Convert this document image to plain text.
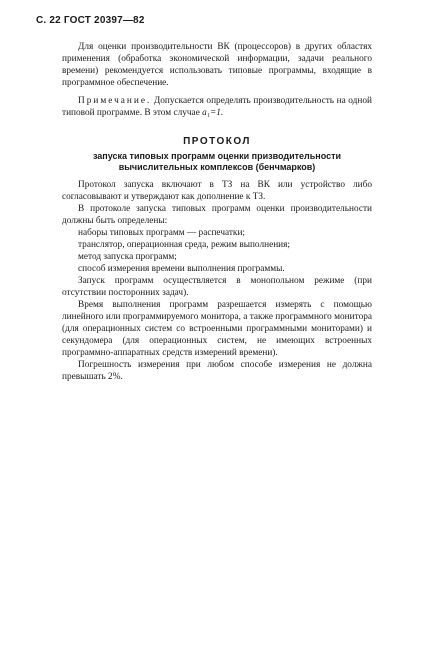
С. 22 ГОСТ 20397—82

Для оценки производительности ВК (процессоров) в других областях применения (обработка экономической информации, задачи реального времени) рекомендуется использовать типовые программы, входящие в программное обеспечение.

Примечание. Допускается определять производительность на одной типовой программе. В этом случае a₁=1.

ПРОТОКОЛ
запуска типовых программ оценки призводительности
вычислительных комплексов (бенчмарков)

Протокол запуска включают в ТЗ на ВК или устройство либо согласовывают и утверждают как дополнение к ТЗ.

В протоколе запуска типовых программ оценки производительности должны быть определены:

наборы типовых программ — распечатки;
транслятор, операционная среда, режим выполнения;
метод запуска программ;
способ измерения времени выполнения программы.

Запуск программ осуществляется в монопольном режиме (при отсутствии посторонних задач).

Время выполнения программ разрешается измерять с помощью линейного или программируемого монитора, а также программного монитора (для операционных систем со встроенными программными мониторами) и секундомера (для операционных систем, не имеющих встроенных программно-аппаратных средств измерений времени).

Погрешность измерения при любом способе измерения не должна превышать 2%.
